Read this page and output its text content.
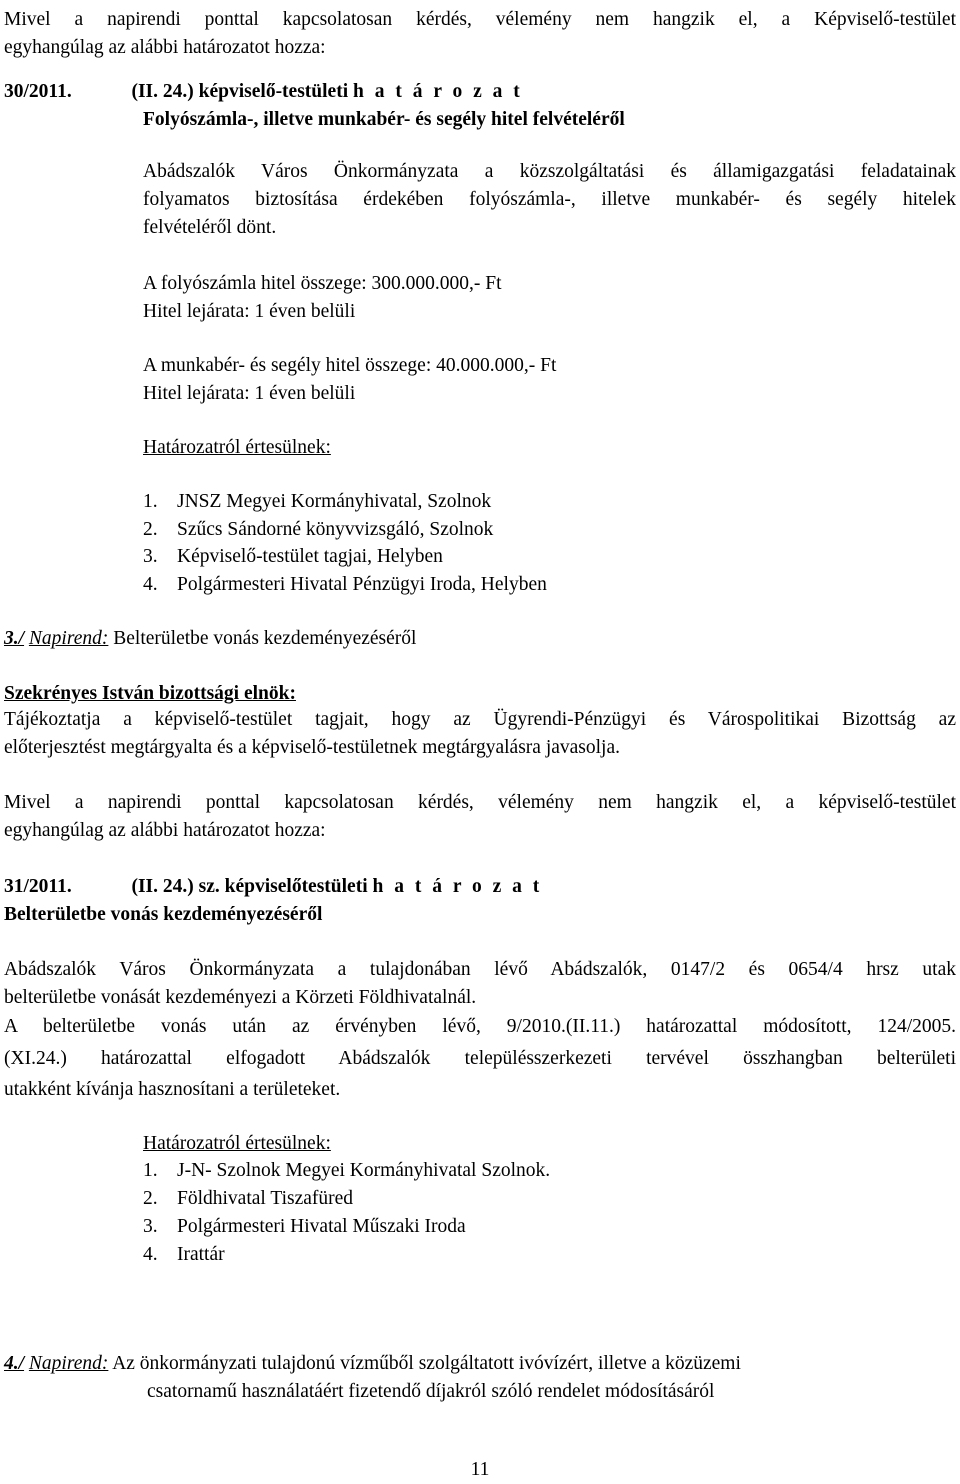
Mivel a napirendi ponttal kapcsolatosan kérdés, vélemény nem hangzik el, a Képviselő-testület

egyhangúlag az alábbi határozatot hozza:

30/2011.	(II. 24.) képviselő-testületi h a t á r o z a t

Folyószámla-, illetve munkabér- és segély hitel felvételéről

Abádszalók Város Önkormányzata a közszolgáltatási és államigazgatási feladatainak

folyamatos biztosítása érdekében folyószámla-, illetve munkabér- és segély hitelek

felvételéről dönt.

A folyószámla hitel összege: 300.000.000,- Ft

Hitel lejárata: 1 éven belüli

A munkabér- és segély hitel összege: 40.000.000,- Ft

Hitel lejárata: 1 éven belüli

Határozatról értesülnek:

1. JNSZ Megyei Kormányhivatal, Szolnok
2. Szűcs Sándorné könyvvizsgáló, Szolnok
3. Képviselő-testület tagjai, Helyben
4. Polgármesteri Hivatal Pénzügyi Iroda, Helyben
3./ Napirend: Belterületbe vonás kezdeményezéséről

Szekrényes István bizottsági elnök:

Tájékoztatja a képviselő-testület tagjait, hogy az Ügyrendi-Pénzügyi és Várospolitikai Bizottság az

előterjesztést megtárgyalta és a képviselő-testületnek megtárgyalásra javasolja.

Mivel a napirendi ponttal kapcsolatosan kérdés, vélemény nem hangzik el, a képviselő-testület

egyhangúlag az alábbi határozatot hozza:

31/2011.	(II. 24.) sz. képviselőtestületi h a t á r o z a t

Belterületbe vonás kezdeményezéséről

Abádszalók Város Önkormányzata a tulajdonában lévő Abádszalók, 0147/2 és 0654/4 hrsz utak

belterületbe vonását kezdeményezi a Körzeti Földhivatalnál.

A belterületbe vonás után az érvényben lévő, 9/2010.(II.11.) határozattal módosított, 124/2005.

(XI.24.) határozattal elfogadott Abádszalók településszerkezeti tervével összhangban belterületi

utakként kívánja hasznosítani a területeket.

Határozatról értesülnek:

1. J-N- Szolnok Megyei Kormányhivatal Szolnok.
2. Földhivatal Tiszafüred
3. Polgármesteri Hivatal Műszaki Iroda
4. Irattár
4./ Napirend: Az önkormányzati tulajdonú vízműből szolgáltatott ivóvízért, illetve a közüzemi

csatornamű használatáért fizetendő díjakról szóló rendelet módosításáról

11
